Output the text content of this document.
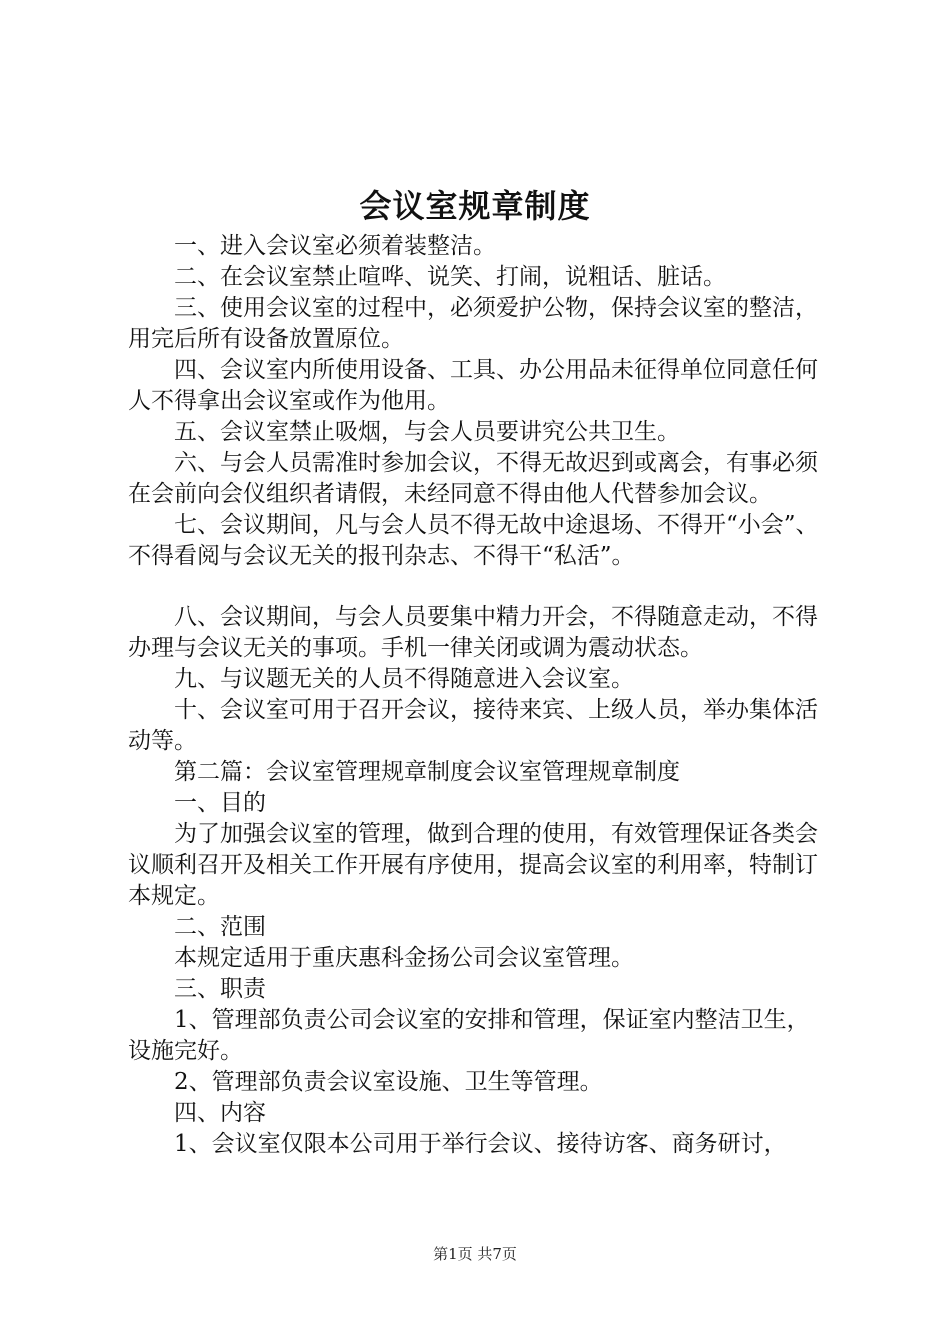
会议室规章制度

一、进入会议室必须着装整洁。

二、在会议室禁止喧哗、说笑、打闹，说粗话、脏话。

三、使用会议室的过程中，必须爱护公物，保持会议室的整洁，用完后所有设备放置原位。

四、会议室内所使用设备、工具、办公用品未征得单位同意任何人不得拿出会议室或作为他用。

五、会议室禁止吸烟，与会人员要讲究公共卫生。

六、与会人员需准时参加会议，不得无故迟到或离会，有事必须在会前向会仪组织者请假，未经同意不得由他人代替参加会议。

七、会议期间，凡与会人员不得无故中途退场、不得开“小会”、不得看阅与会议无关的报刊杂志、不得干“私活”。

八、会议期间，与会人员要集中精力开会，不得随意走动，不得办理与会议无关的事项。手机一律关闭或调为震动状态。

九、与议题无关的人员不得随意进入会议室。

十、会议室可用于召开会议，接待来宾、上级人员，举办集体活动等。

第二篇：会议室管理规章制度会议室管理规章制度

一、目的

为了加强会议室的管理，做到合理的使用，有效管理保证各类会议顺利召开及相关工作开展有序使用，提高会议室的利用率，特制订本规定。

二、范围

本规定适用于重庆惠科金扬公司会议室管理。

三、职责

1、管理部负责公司会议室的安排和管理，保证室内整洁卫生，设施完好。

2、管理部负责会议室设施、卫生等管理。

四、内容

1、会议室仅限本公司用于举行会议、接待访客、商务研讨，

第1页 共7页
